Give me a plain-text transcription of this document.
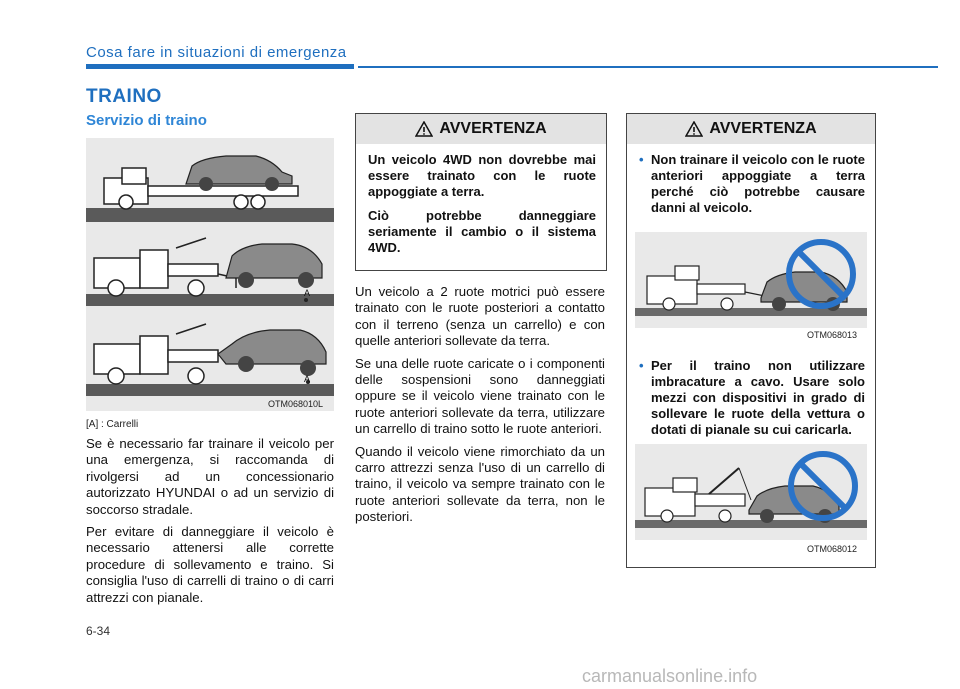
Cosa fare in situazioni di emergenza
TRAINO
Servizio di traino
A
A
OTM068010L
[A] : Carrelli

Se è necessario far trainare il veicolo per una emergenza, si raccomanda di rivolgersi ad un concessionario autorizzato HYUNDAI o ad un servizio di soccorso stradale.

Per evitare di danneggiare il veicolo è necessario attenersi alle corrette procedure di sollevamento e traino. Si consiglia l'uso di carrelli di traino o di carri attrezzi con pianale.

AVVERTENZA

Un veicolo 4WD non dovrebbe mai essere trainato con le ruote appoggiate a terra.

Ciò potrebbe danneggiare seriamente il cambio o il sistema 4WD.

Un veicolo a 2 ruote motrici può essere trainato con le ruote posteriori a contatto con il terreno (senza un carrello) e con quelle anteriori sollevate da terra.

Se una delle ruote caricate o i componenti delle sospensioni sono danneggiati oppure se il veicolo viene trainato con le ruote anteriori sollevate da terra, utilizzare un carrello di traino sotto le ruote anteriori.

Quando il veicolo viene rimorchiato da un carro attrezzi senza l'uso di un carrello di traino, il veicolo va sempre trainato con le ruote anteriori sollevate da terra, non le posteriori.

AVVERTENZA

• Non trainare il veicolo con le ruote anteriori appoggiate a terra perché ciò potrebbe causare danni al veicolo.

OTM068013

• Per il traino non utilizzare imbracature a cavo. Usare solo mezzi con dispositivi in grado di sollevare le ruote della vettura o dotati di pianale su cui caricarla.

OTM068012
6-34
carmanualsonline.info
